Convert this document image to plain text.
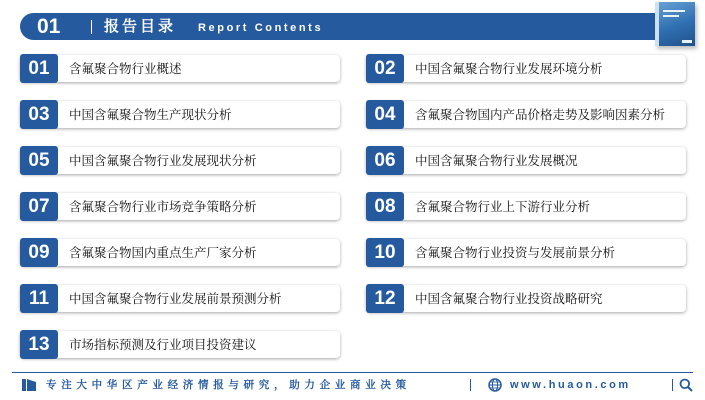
01	报告目录 Report Contents
01	含氟聚合物行业概述	02	中国含氟聚合物行业发展环境分析
03	中国含氟聚合物生产现状分析	04	含氟聚合物国内产品价格走势及影响因素分析
05	中国含氟聚合物行业发展现状分析	06	中国含氟聚合物行业发展概况
07	含氟聚合物行业市场竞争策略分析	08	含氟聚合物行业上下游行业分析
09	含氟聚合物国内重点生产厂家分析	10	含氟聚合物行业投资与发展前景分析
11	中国含氟聚合物行业发展前景预测分析	12	中国含氟聚合物行业投资战略研究
13	市场指标预测及行业项目投资建议
专注大中华区产业经济情报与研究，助力企业商业决策	www.huaon.com
